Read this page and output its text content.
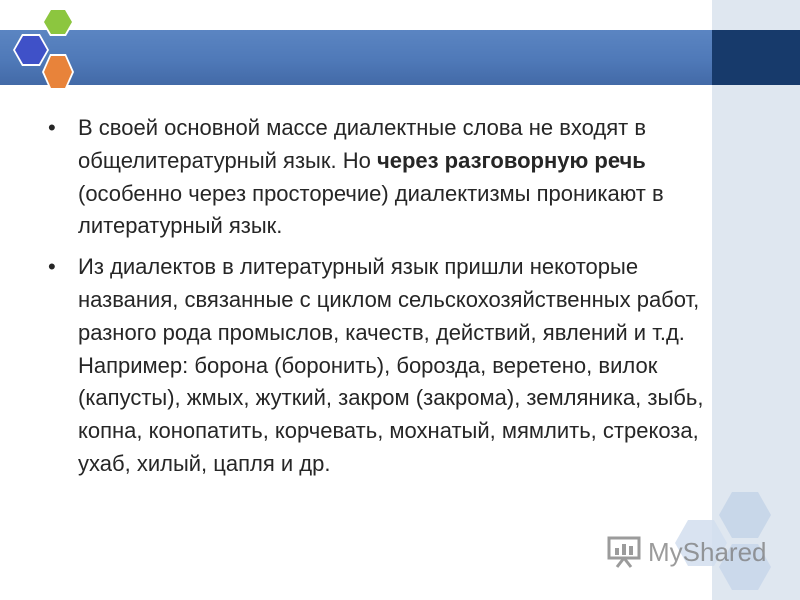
• В своей основной массе диалектные слова не входят в общелитературный язык. Но через разговорную речь (особенно через просторечие) диалектизмы проникают в литературный язык.
• Из диалектов в литературный язык пришли некоторые названия, связанные с циклом сельскохозяйственных работ, разного рода промыслов, качеств, действий, явлений и т.д. Например: борона (боронить), борозда, веретено, вилок (капусты), жмых, жуткий, закром (закрома), земляника, зыбь, копна, конопатить, корчевать, мохнатый, мямлить, стрекоза, ухаб, хилый, цапля и др.
MyShared
